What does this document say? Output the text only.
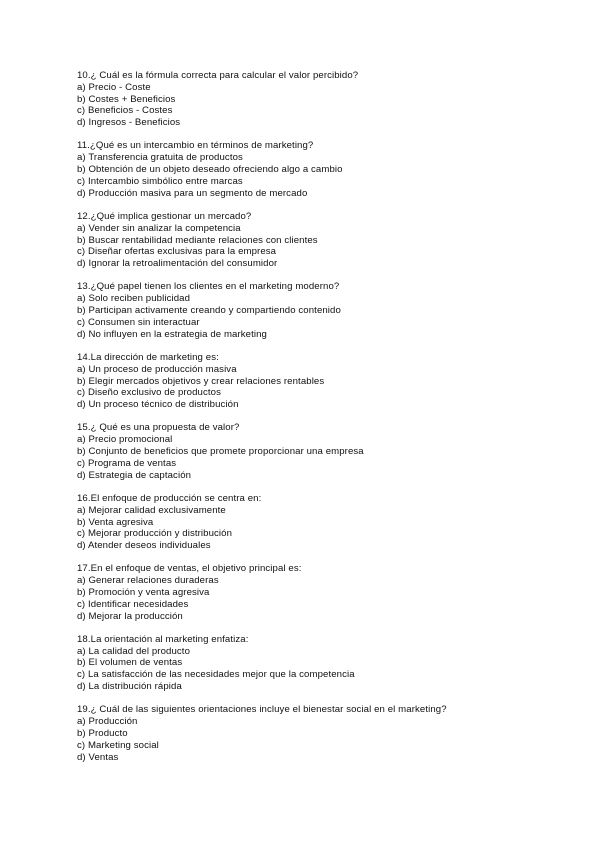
10.¿ Cuál es la fórmula correcta para calcular el valor percibido?
a) Precio - Coste
b) Costes + Beneficios
c) Beneficios - Costes
d) Ingresos - Beneficios
11.¿Qué es un intercambio en términos de marketing?
a) Transferencia gratuita de productos
b) Obtención de un objeto deseado ofreciendo algo a cambio
c) Intercambio simbólico entre marcas
d) Producción masiva para un segmento de mercado
12.¿Qué implica gestionar un mercado?
a) Vender sin analizar la competencia
b) Buscar rentabilidad mediante relaciones con clientes
c) Diseñar ofertas exclusivas para la empresa
d) Ignorar la retroalimentación del consumidor
13.¿Qué papel tienen los clientes en el marketing moderno?
a) Solo reciben publicidad
b) Participan activamente creando y compartiendo contenido
c) Consumen sin interactuar
d) No influyen en la estrategia de marketing
14.La dirección de marketing es:
a) Un proceso de producción masiva
b) Elegir mercados objetivos y crear relaciones rentables
c) Diseño exclusivo de productos
d) Un proceso técnico de distribución
15.¿ Qué es una propuesta de valor?
a) Precio promocional
b) Conjunto de beneficios que promete proporcionar una empresa
c) Programa de ventas
d) Estrategia de captación
16.El enfoque de producción se centra en:
a) Mejorar calidad exclusivamente
b) Venta agresiva
c) Mejorar producción y distribución
d) Atender deseos individuales
17.En el enfoque de ventas, el objetivo principal es:
a) Generar relaciones duraderas
b) Promoción y venta agresiva
c) Identificar necesidades
d) Mejorar la producción
18.La orientación al marketing enfatiza:
a) La calidad del producto
b) El volumen de ventas
c) La satisfacción de las necesidades mejor que la competencia
d) La distribución rápida
19.¿ Cuál de las siguientes orientaciones incluye el bienestar social en el marketing?
a) Producción
b) Producto
c) Marketing social
d) Ventas
